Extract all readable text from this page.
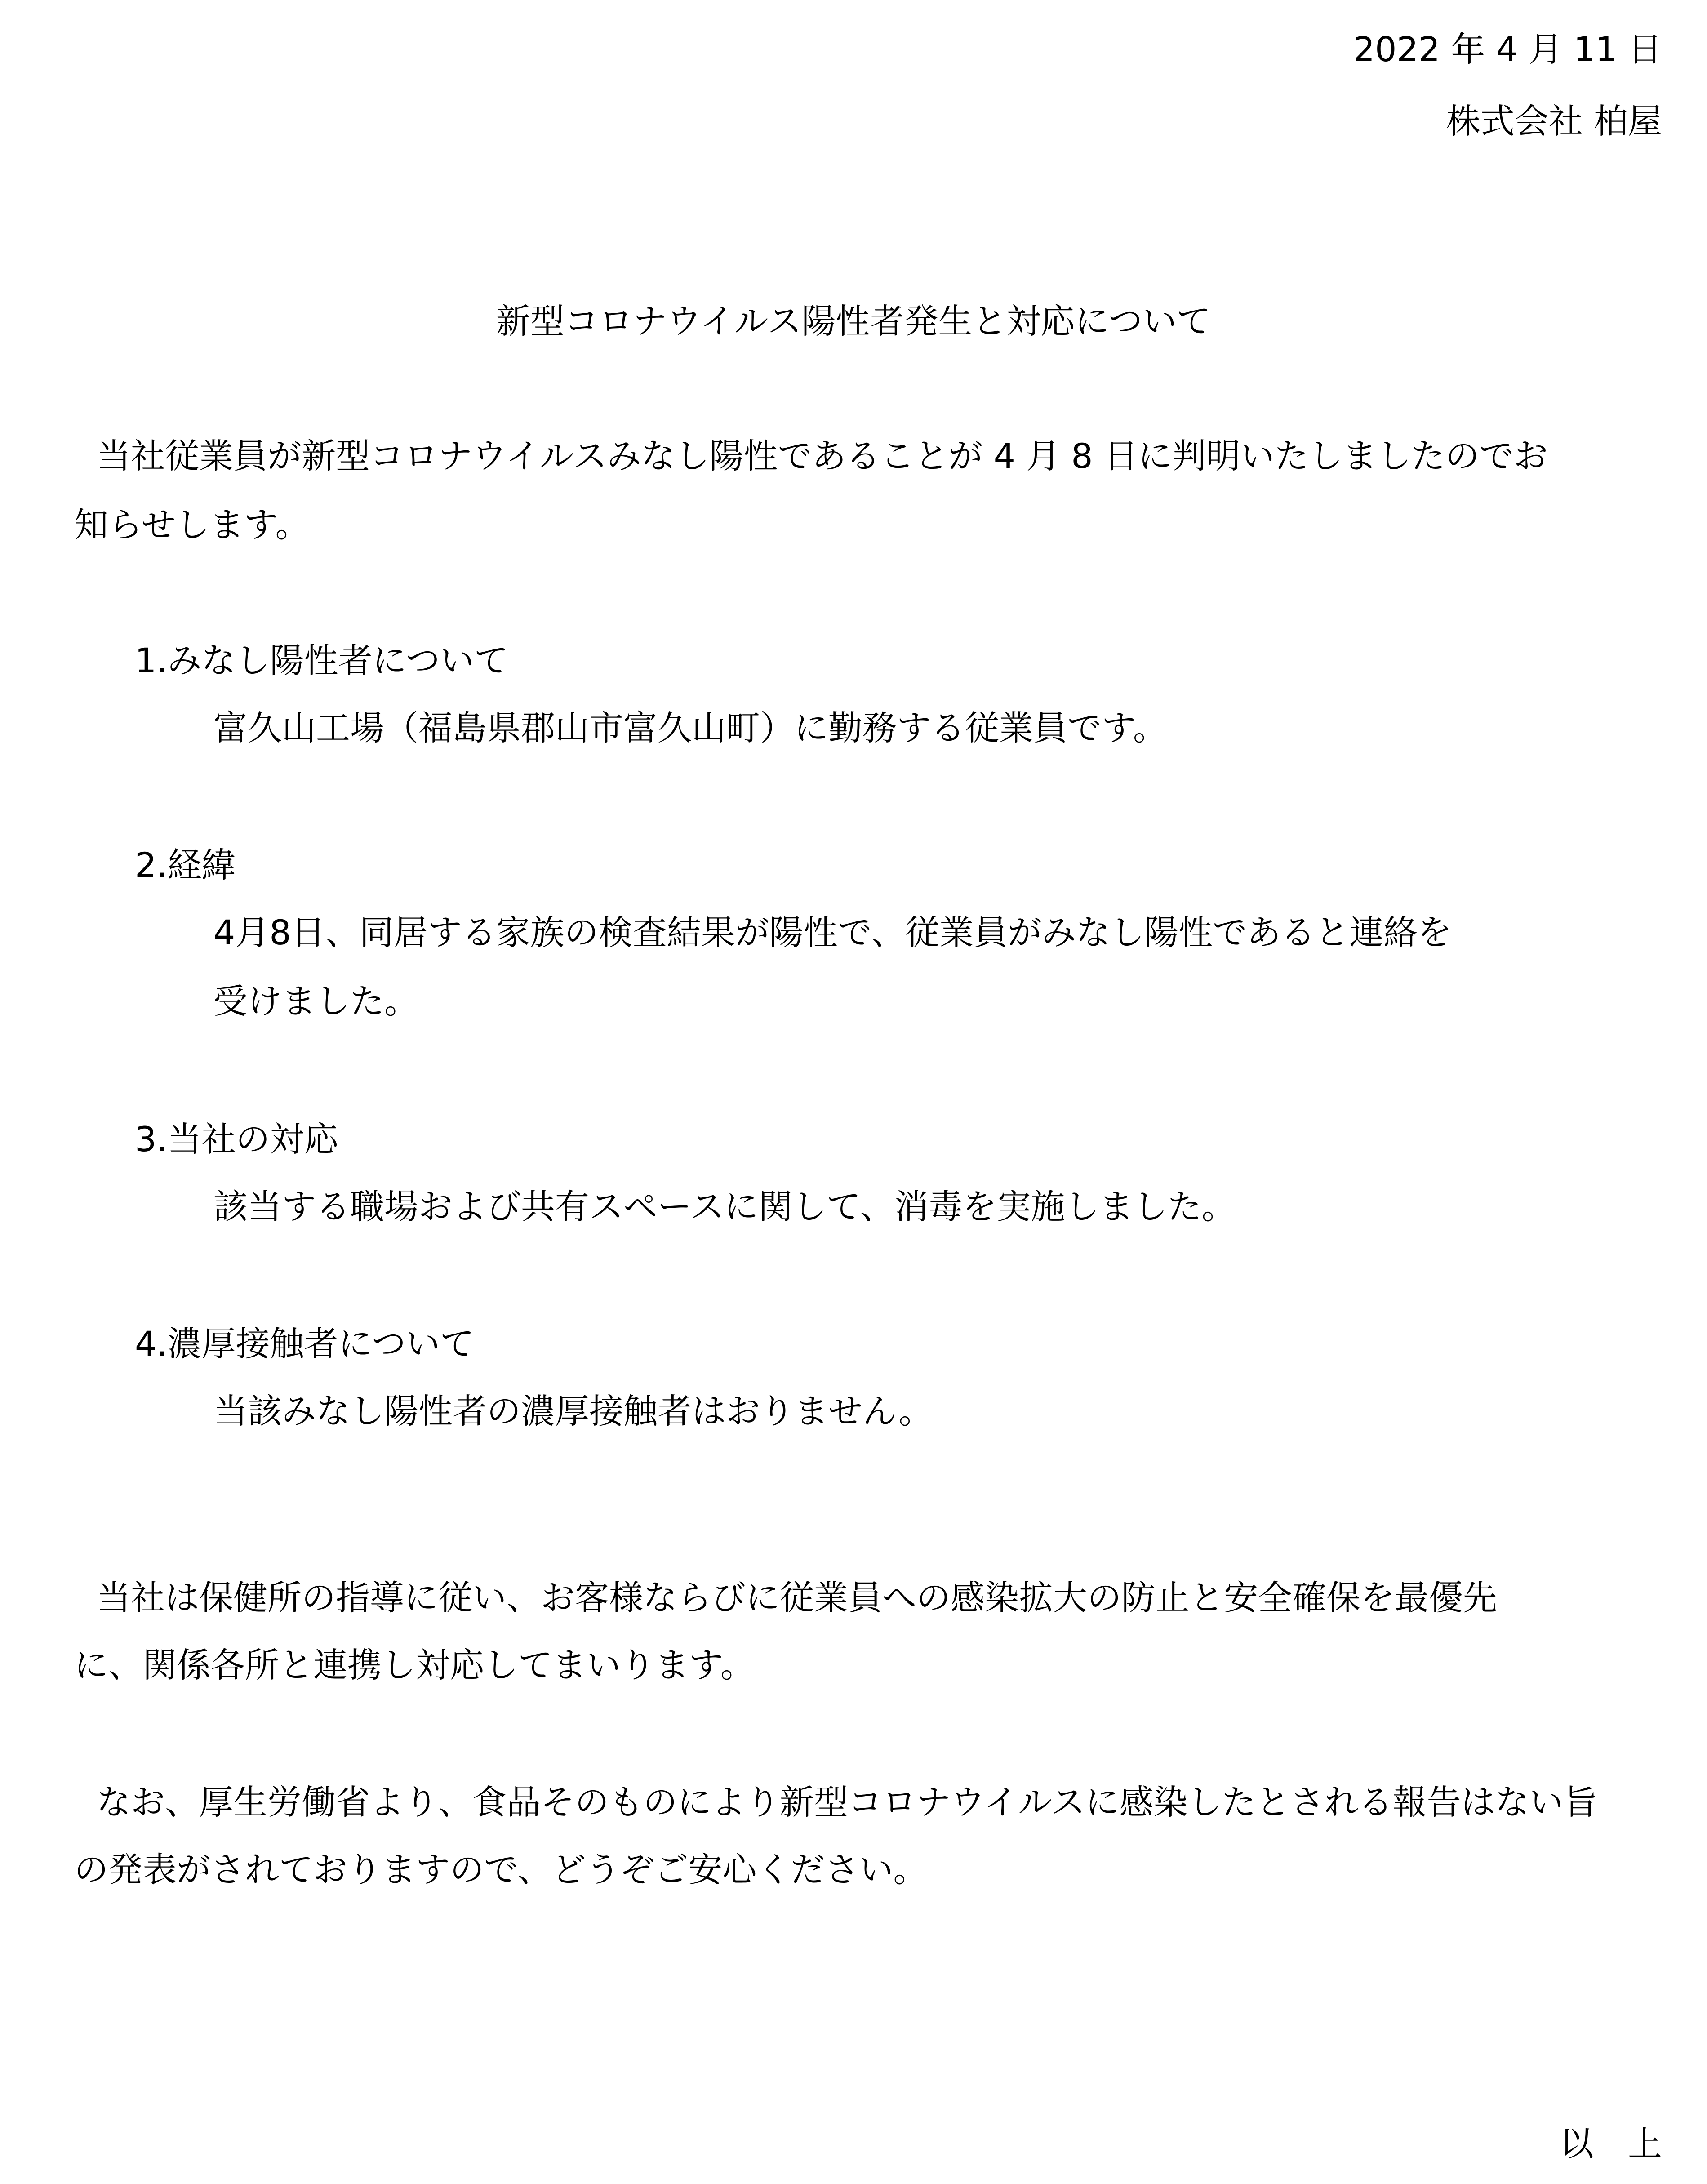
2022 年 4 月 11 日

株式会社 柏屋

新型コロナウイルス陽性者発生と対応について

当社従業員が新型コロナウイルスみなし陽性であることが 4 月 8 日に判明いたしましたのでお

知らせします。

1.みなし陽性者について

富久山工場（福島県郡山市富久山町）に勤務する従業員です。

2.経緯

4月8日、同居する家族の検査結果が陽性で、従業員がみなし陽性であると連絡を

受けました。

3.当社の対応

該当する職場および共有スペースに関して、消毒を実施しました。

4.濃厚接触者について

当該みなし陽性者の濃厚接触者はおりません。

当社は保健所の指導に従い、お客様ならびに従業員への感染拡大の防止と安全確保を最優先

に、関係各所と連携し対応してまいります。

なお、厚生労働省より、食品そのものにより新型コロナウイルスに感染したとされる報告はない旨

の発表がされておりますので、どうぞご安心ください。

以　上
